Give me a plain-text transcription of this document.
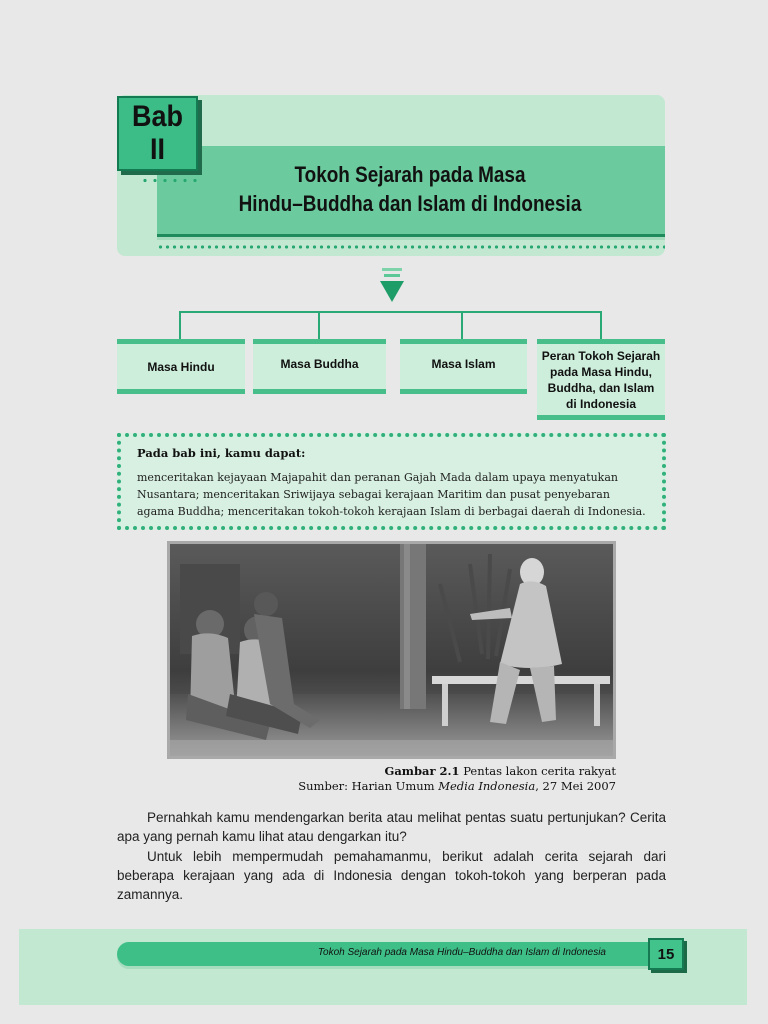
Bab
II
Tokoh Sejarah pada Masa
Hindu–Buddha dan Islam di Indonesia
Masa Hindu	Masa Buddha	Masa Islam
Peran Tokoh Sejarah pada Masa Hindu, Buddha, dan Islam di Indonesia
Pada bab ini, kamu dapat:
menceritakan kejayaan Majapahit dan peranan Gajah Mada dalam upaya menyatukan Nusantara; menceritakan Sriwijaya sebagai kerajaan Maritim dan pusat penyebaran agama Buddha; menceritakan tokoh-tokoh kerajaan Islam di berbagai daerah di Indonesia.
Gambar 2.1 Pentas lakon cerita rakyat
Sumber: Harian Umum Media Indonesia, 27 Mei 2007

Pernahkah kamu mendengarkan berita atau melihat pentas suatu pertunjukan? Cerita apa yang pernah kamu lihat atau dengarkan itu?

Untuk lebih mempermudah pemahamanmu, berikut adalah cerita sejarah dari beberapa kerajaan yang ada di Indonesia dengan tokoh-tokoh yang berperan pada zamannya.

Tokoh Sejarah pada Masa Hindu–Buddha dan Islam di Indonesia	15
